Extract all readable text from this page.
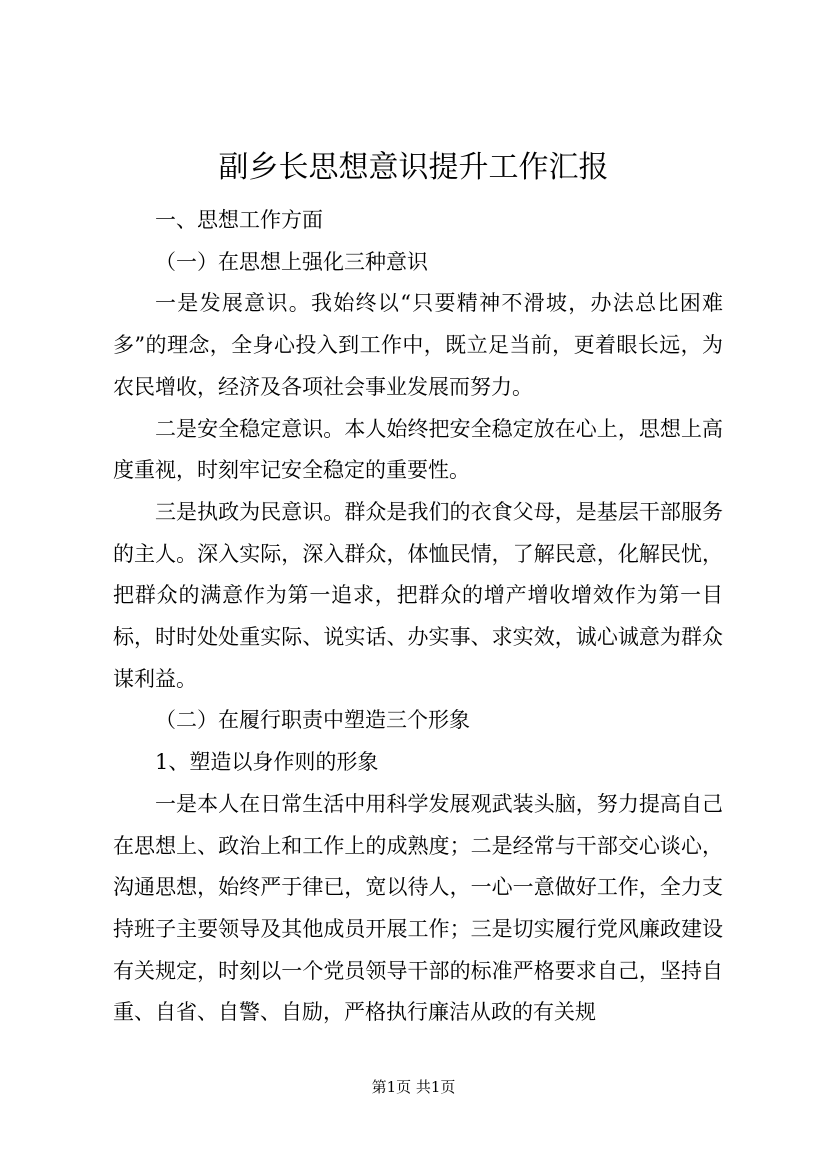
副乡长思想意识提升工作汇报

一、思想工作方面

（一）在思想上强化三种意识

一是发展意识。我始终以“只要精神不滑坡，办法总比困难多”的理念，全身心投入到工作中，既立足当前，更着眼长远，为农民增收，经济及各项社会事业发展而努力。

二是安全稳定意识。本人始终把安全稳定放在心上，思想上高度重视，时刻牢记安全稳定的重要性。

三是执政为民意识。群众是我们的衣食父母，是基层干部服务的主人。深入实际，深入群众，体恤民情，了解民意，化解民忧，把群众的满意作为第一追求，把群众的增产增收增效作为第一目标，时时处处重实际、说实话、办实事、求实效，诚心诚意为群众谋利益。

（二）在履行职责中塑造三个形象

1、塑造以身作则的形象

一是本人在日常生活中用科学发展观武装头脑，努力提高自己在思想上、政治上和工作上的成熟度；二是经常与干部交心谈心，沟通思想，始终严于律已，宽以待人，一心一意做好工作，全力支持班子主要领导及其他成员开展工作；三是切实履行党风廉政建设有关规定，时刻以一个党员领导干部的标准严格要求自己，坚持自重、自省、自警、自励，严格执行廉洁从政的有关规

第1页 共1页
